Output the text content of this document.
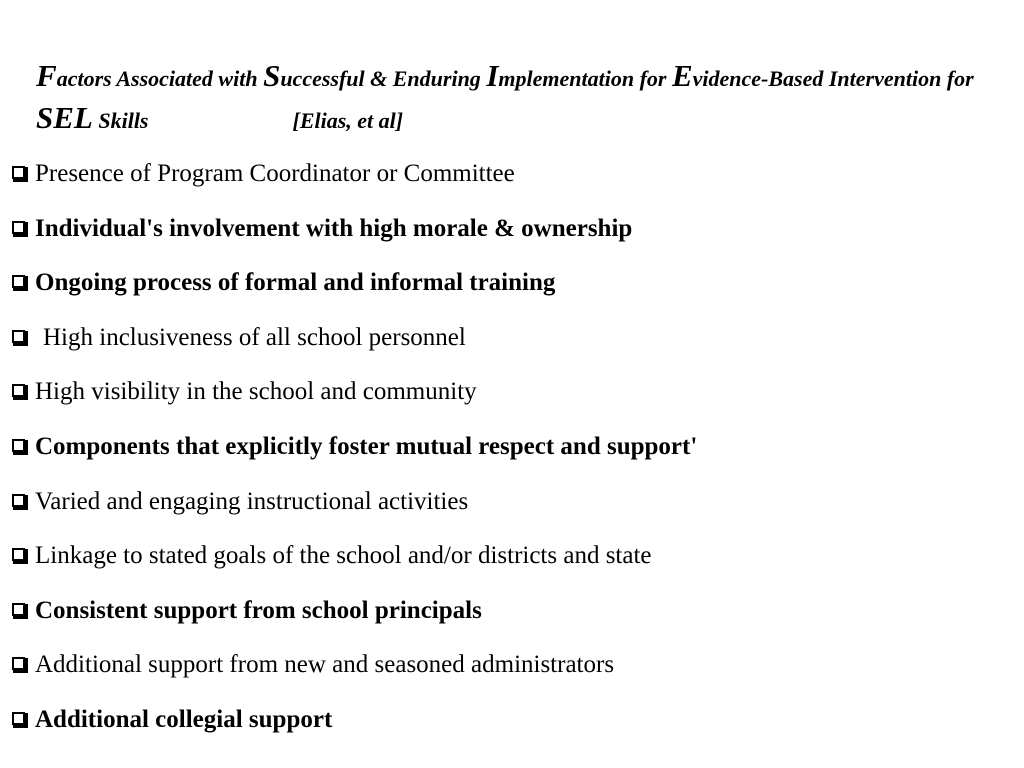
Factors Associated with Successful & Enduring Implementation for Evidence-Based Intervention for SEL Skills	[Elias, et al]
Presence of Program Coordinator or Committee
Individual's involvement with high morale & ownership
Ongoing process of formal and informal training
High inclusiveness of all school personnel
High visibility in the school and community
Components that explicitly foster mutual respect and support'
Varied and engaging instructional activities
Linkage to stated goals of the school and/or districts and state
Consistent support from school principals
Additional support from new and seasoned administrators
Additional collegial support
